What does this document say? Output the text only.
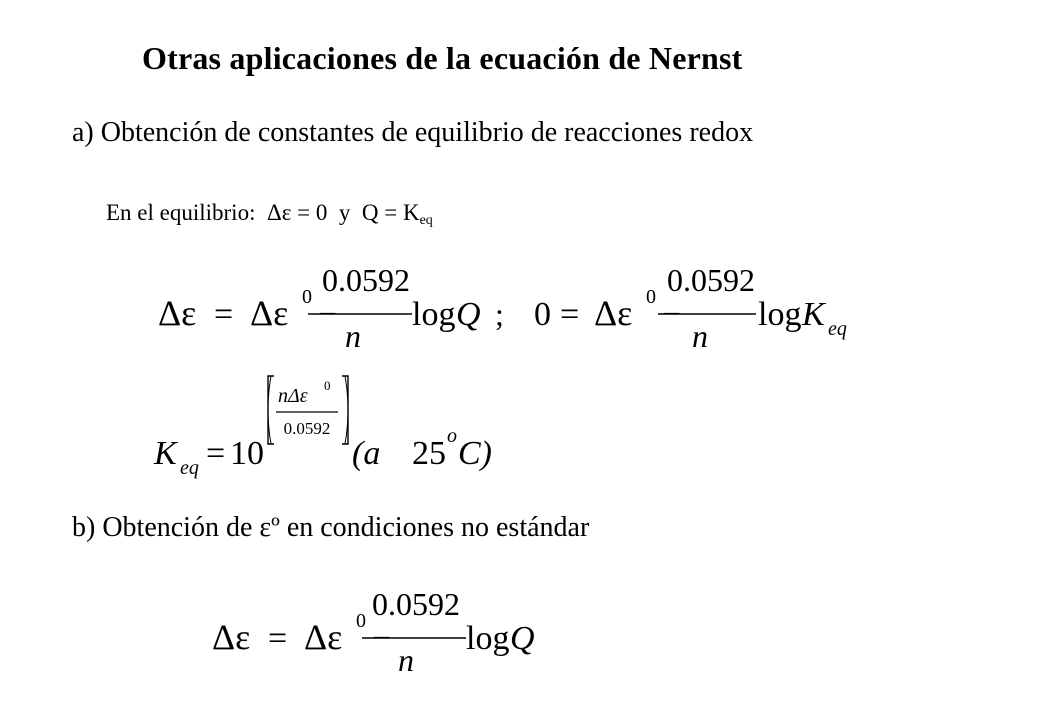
Otras aplicaciones de la ecuación de Nernst
a) Obtención de constantes de equilibrio de reacciones redox
En el equilibrio: Δε = 0 y $Q = K_{eq}$
Δε = Δε 0 −
0.0592
n
log Q ; 0 = Δε 0 −
0.0592
n
log K eq
K eq = 10
nΔε 0
0.0592
(a 25 o C)
b) Obtención de εº en condiciones no estándar
Δε = Δε 0 −
0.0592
n
log Q
